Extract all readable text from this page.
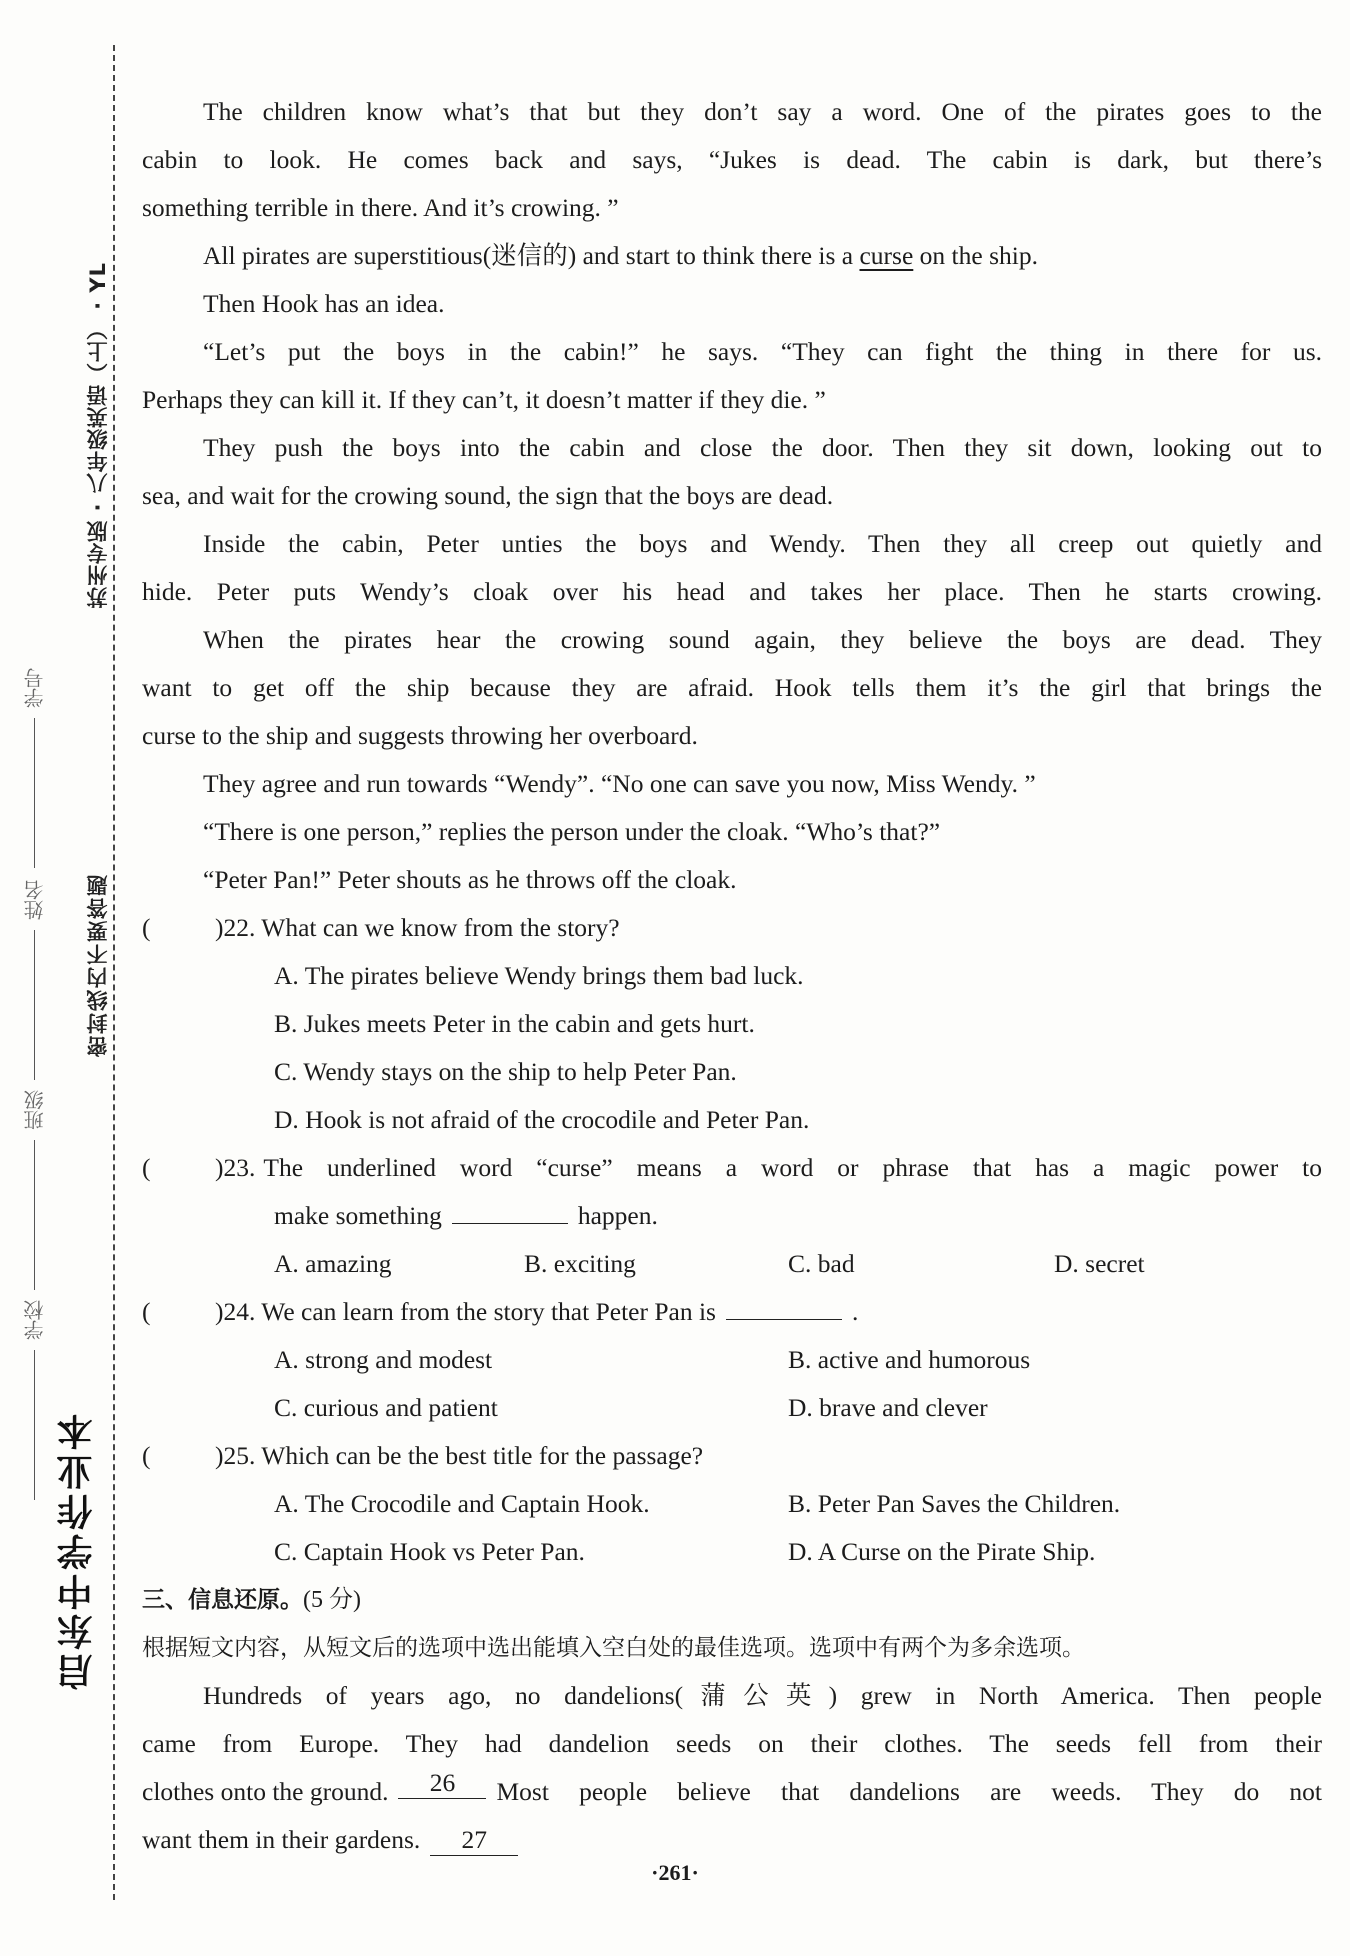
苏州专版 · 八年级英语（上） · YL
密封线内不要答题
学号
姓名
班级
学校
启东中学作业本
The children know what’s that but they don’t say a word. One of the pirates goes to the
cabin to look. He comes back and says, “Jukes is dead. The cabin is dark, but there’s
something terrible in there. And it’s crowing. ”
All pirates are superstitious(迷信的) and start to think there is a curse on the ship.
Then Hook has an idea.
“Let’s put the boys in the cabin!” he says. “They can fight the thing in there for us.
Perhaps they can kill it. If they can’t, it doesn’t matter if they die. ”
They push the boys into the cabin and close the door. Then they sit down, looking out to
sea, and wait for the crowing sound, the sign that the boys are dead.
Inside the cabin, Peter unties the boys and Wendy. Then they all creep out quietly and
hide. Peter puts Wendy’s cloak over his head and takes her place. Then he starts crowing.
When the pirates hear the crowing sound again, they believe the boys are dead. They
want to get off the ship because they are afraid. Hook tells them it’s the girl that brings the
curse to the ship and suggests throwing her overboard.
They agree and run towards “Wendy”. “No one can save you now, Miss Wendy. ”
“There is one person,” replies the person under the cloak. “Who’s that?”
“Peter Pan!” Peter shouts as he throws off the cloak.
(	)22. What can we know from the story?
A. The pirates believe Wendy brings them bad luck.
B. Jukes meets Peter in the cabin and gets hurt.
C. Wendy stays on the ship to help Peter Pan.
D. Hook is not afraid of the crocodile and Peter Pan.
(	)23. The underlined word “curse” means a word or phrase that has a magic power to
make something	happen.
A. amazing	B. exciting	C. bad	D. secret
(	)24. We can learn from the story that Peter Pan is	.
A. strong and modest	B. active and humorous
C. curious and patient	D. brave and clever
(	)25. Which can be the best title for the passage?
A. The Crocodile and Captain Hook.	B. Peter Pan Saves the Children.
C. Captain Hook vs Peter Pan.	D. A Curse on the Pirate Ship.
三、信息还原。(5 分)
根据短文内容，从短文后的选项中选出能填入空白处的最佳选项。选项中有两个为多余选项。
Hundreds of years ago, no dandelions(蒲公英) grew in North America. Then people
came from Europe. They had dandelion seeds on their clothes. The seeds fell from their
clothes onto the ground.	26	Most people believe that dandelions are weeds. They do not
want them in their gardens. 27
·261·
